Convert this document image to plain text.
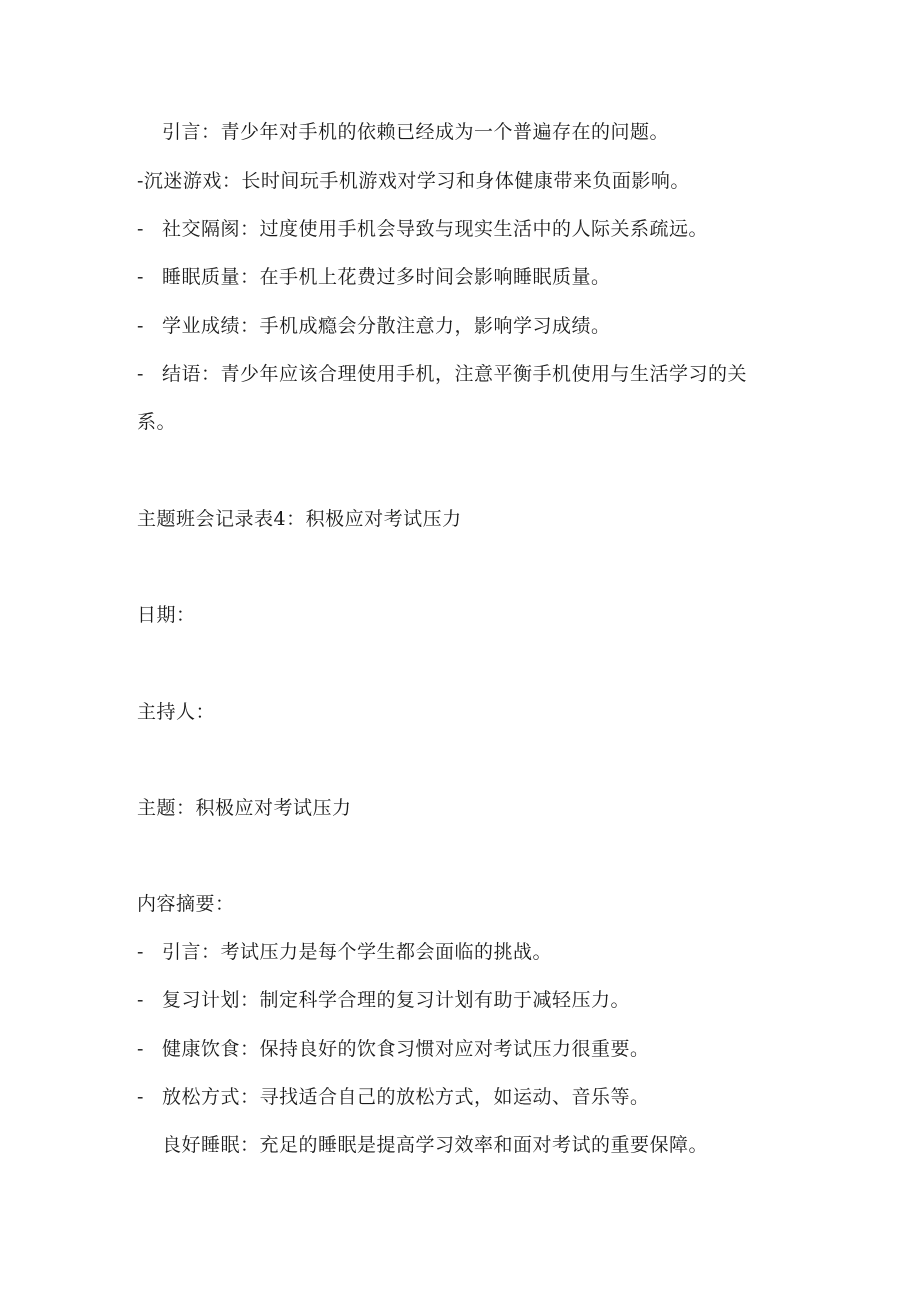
引言：青少年对手机的依赖已经成为一个普遍存在的问题。
-沉迷游戏：长时间玩手机游戏对学习和身体健康带来负面影响。
- 社交隔阂：过度使用手机会导致与现实生活中的人际关系疏远。
- 睡眠质量：在手机上花费过多时间会影响睡眠质量。
- 学业成绩：手机成瘾会分散注意力，影响学习成绩。
- 结语：青少年应该合理使用手机，注意平衡手机使用与生活学习的关
系。
主题班会记录表4：积极应对考试压力
日期：
主持人：
主题：积极应对考试压力
内容摘要：
- 引言：考试压力是每个学生都会面临的挑战。
- 复习计划：制定科学合理的复习计划有助于减轻压力。
- 健康饮食：保持良好的饮食习惯对应对考试压力很重要。
- 放松方式：寻找适合自己的放松方式，如运动、音乐等。
良好睡眠：充足的睡眠是提高学习效率和面对考试的重要保障。
